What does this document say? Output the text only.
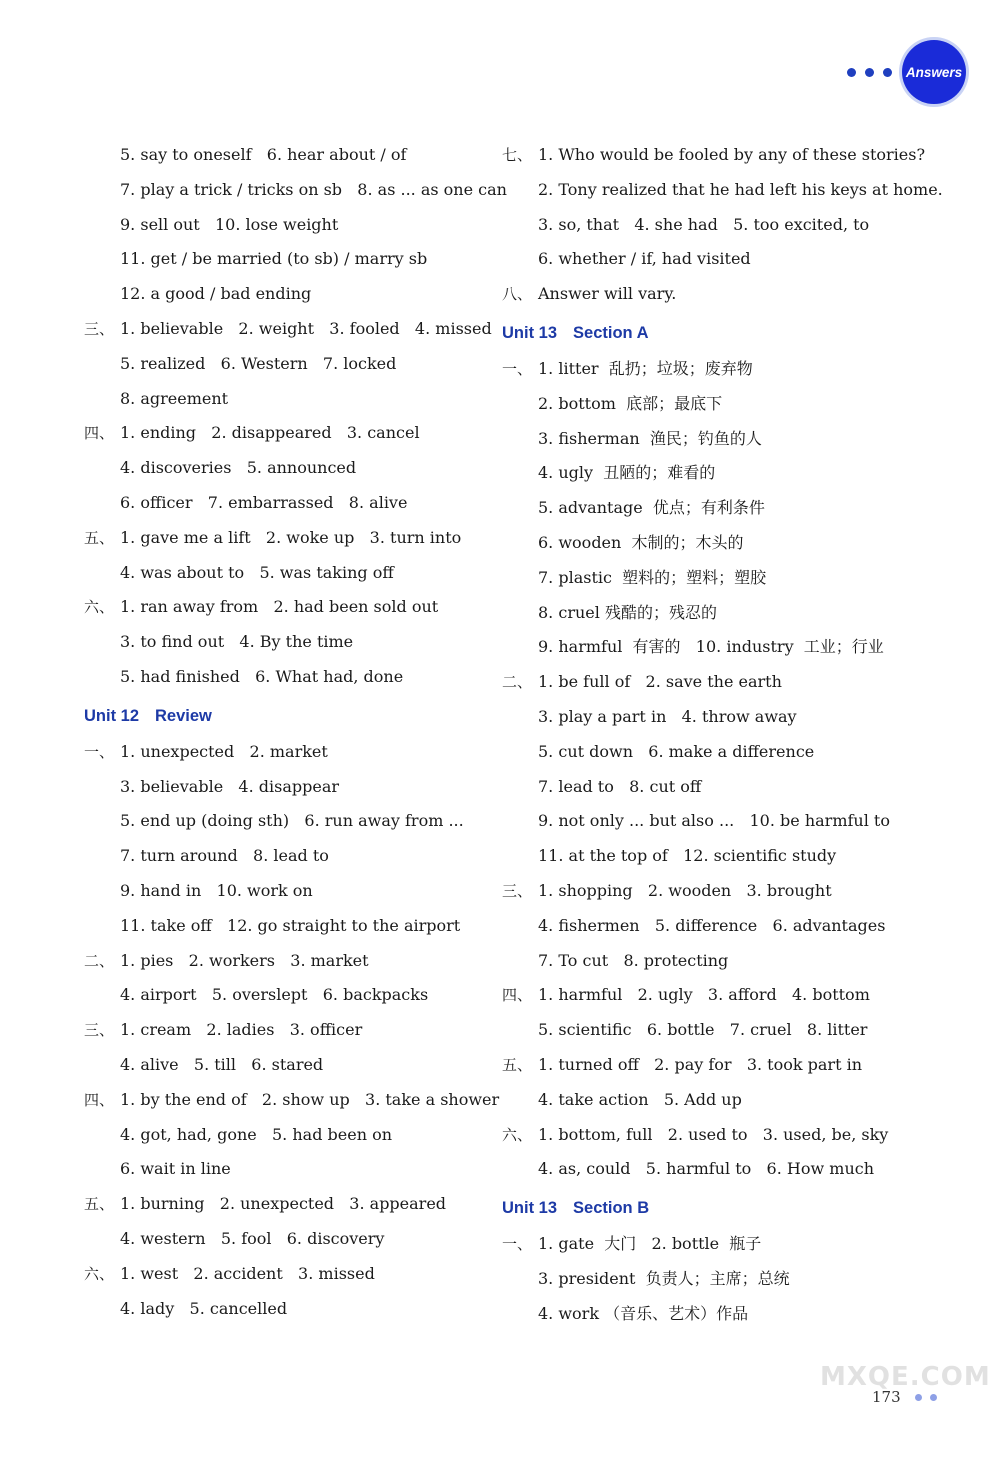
Answers
5. say to oneself   6. hear about / of
7. play a trick / tricks on sb   8. as ... as one can
9. sell out   10. lose weight
11. get / be married (to sb) / marry sb
12. a good / bad ending
三、 1. believable   2. weight   3. fooled   4. missed
5. realized   6. Western   7. locked
8. agreement
四、 1. ending   2. disappeared   3. cancel
4. discoveries   5. announced
6. officer   7. embarrassed   8. alive
五、 1. gave me a lift   2. woke up   3. turn into
4. was about to   5. was taking off
六、 1. ran away from   2. had been sold out
3. to find out   4. By the time
5. had finished   6. What had, done
Unit 12 Review
一、 1. unexpected   2. market
3. believable   4. disappear
5. end up (doing sth)   6. run away from ...
7. turn around   8. lead to
9. hand in   10. work on
11. take off   12. go straight to the airport
二、 1. pies   2. workers   3. market
4. airport   5. overslept   6. backpacks
三、 1. cream   2. ladies   3. officer
4. alive   5. till   6. stared
四、 1. by the end of   2. show up   3. take a shower
4. got, had, gone   5. had been on
6. wait in line
五、 1. burning   2. unexpected   3. appeared
4. western   5. fool   6. discovery
六、 1. west   2. accident   3. missed
4. lady   5. cancelled
七、 1. Who would be fooled by any of these stories?
2. Tony realized that he had left his keys at home.
3. so, that   4. she had   5. too excited, to
6. whether / if, had visited
八、 Answer will vary.
Unit 13 Section A
一、 1. litter  乱扔；垃圾；废弃物
2. bottom  底部；最底下
3. fisherman  渔民；钓鱼的人
4. ugly  丑陋的；难看的
5. advantage  优点；有利条件
6. wooden  木制的；木头的
7. plastic  塑料的；塑料；塑胶
8. cruel 残酷的；残忍的
9. harmful  有害的   10. industry  工业；行业
二、 1. be full of   2. save the earth
3. play a part in   4. throw away
5. cut down   6. make a difference
7. lead to   8. cut off
9. not only ... but also ...   10. be harmful to
11. at the top of   12. scientific study
三、 1. shopping   2. wooden   3. brought
4. fishermen   5. difference   6. advantages
7. To cut   8. protecting
四、 1. harmful   2. ugly   3. afford   4. bottom
5. scientific   6. bottle   7. cruel   8. litter
五、 1. turned off   2. pay for   3. took part in
4. take action   5. Add up
六、 1. bottom, full   2. used to   3. used, be, sky
4. as, could   5. harmful to   6. How much
Unit 13 Section B
一、 1. gate  大门   2. bottle  瓶子
3. president  负责人；主席；总统
4. work （音乐、艺术）作品
MXQE.COM
173
